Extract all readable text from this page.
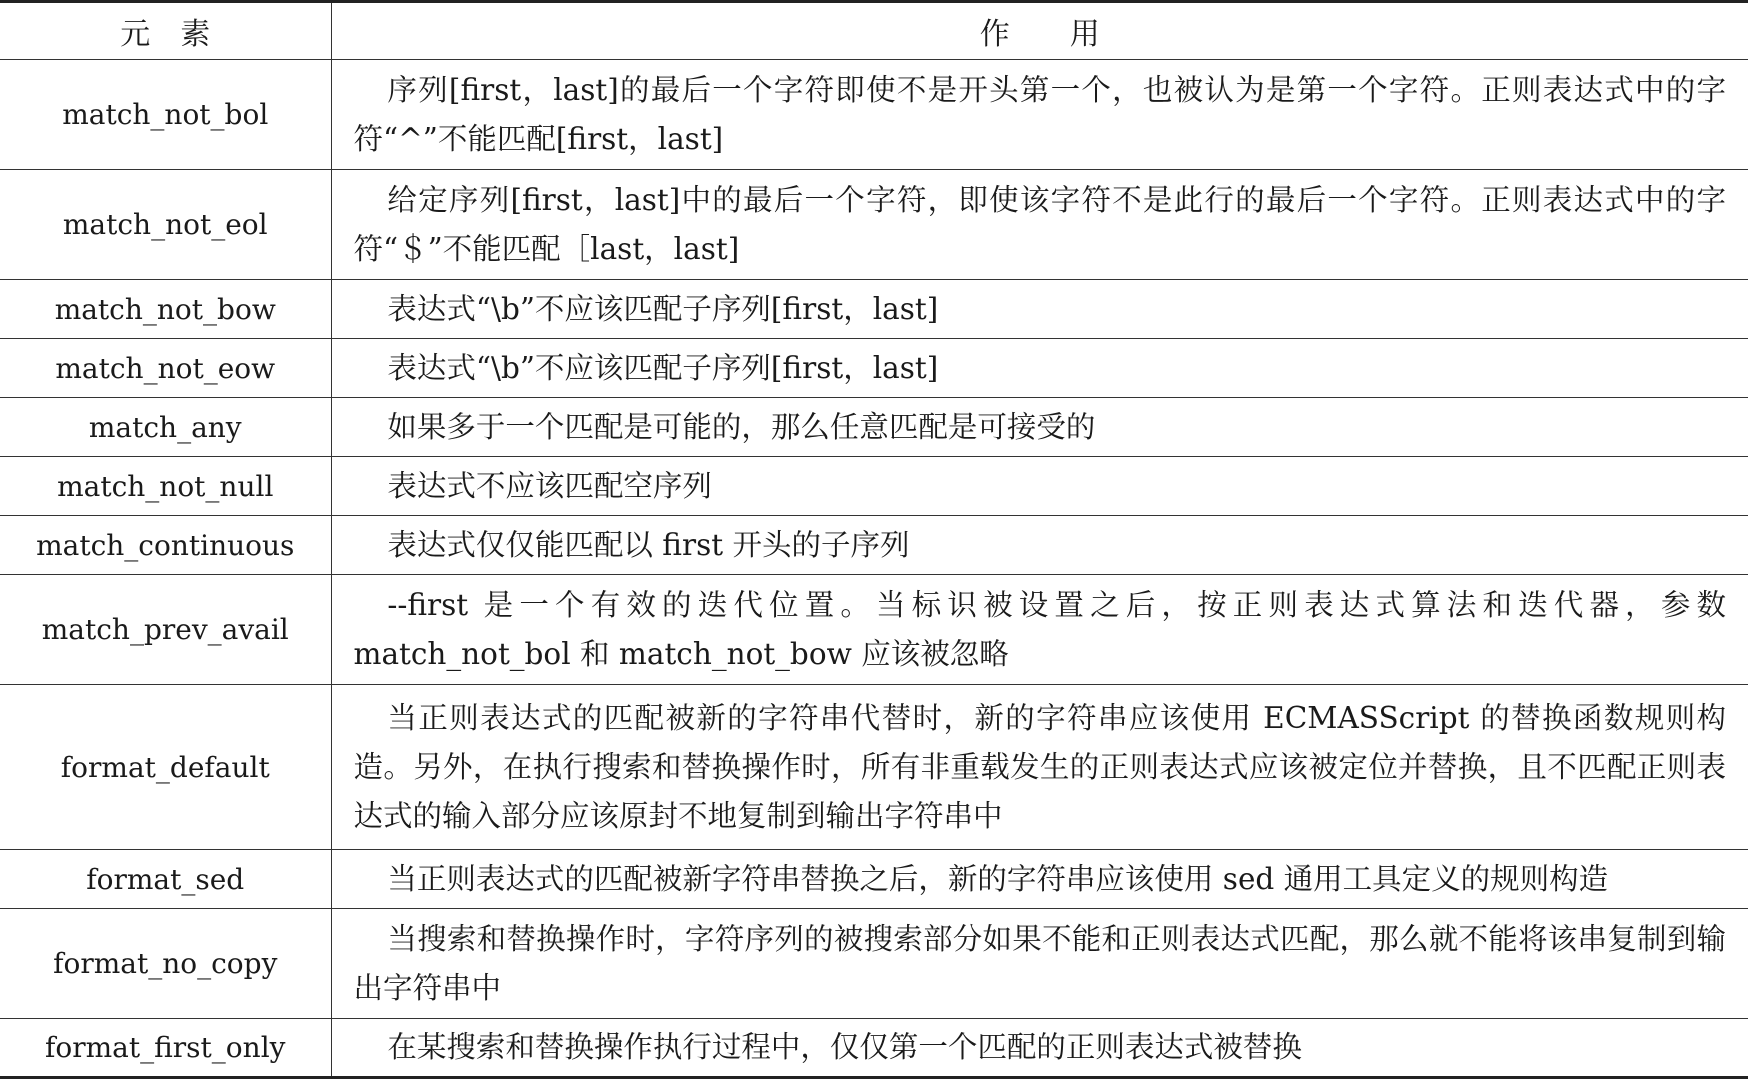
元　素	作　　用
match_not_bol	序列[first，last]的最后一个字符即使不是开头第一个，也被认为是第一个字符。正则表达式中的字符“^”不能匹配[first，last]
match_not_eol	给定序列[first，last]中的最后一个字符，即使该字符不是此行的最后一个字符。正则表达式中的字符“＄”不能匹配［last，last]
match_not_bow	表达式“\b”不应该匹配子序列[first，last]
match_not_eow	表达式“\b”不应该匹配子序列[first，last]
match_any	如果多于一个匹配是可能的，那么任意匹配是可接受的
match_not_null	表达式不应该匹配空序列
match_continuous	表达式仅仅能匹配以 first 开头的子序列
match_prev_avail	--first 是一个有效的迭代位置。当标识被设置之后，按正则表达式算法和迭代器，参数 match_not_bol 和 match_not_bow 应该被忽略
format_default	当正则表达式的匹配被新的字符串代替时，新的字符串应该使用 ECMASScript 的替换函数规则构造。另外，在执行搜索和替换操作时，所有非重载发生的正则表达式应该被定位并替换，且不匹配正则表达式的输入部分应该原封不地复制到输出字符串中
format_sed	当正则表达式的匹配被新字符串替换之后，新的字符串应该使用 sed 通用工具定义的规则构造
format_no_copy	当搜索和替换操作时，字符序列的被搜索部分如果不能和正则表达式匹配，那么就不能将该串复制到输出字符串中
format_first_only	在某搜索和替换操作执行过程中，仅仅第一个匹配的正则表达式被替换
